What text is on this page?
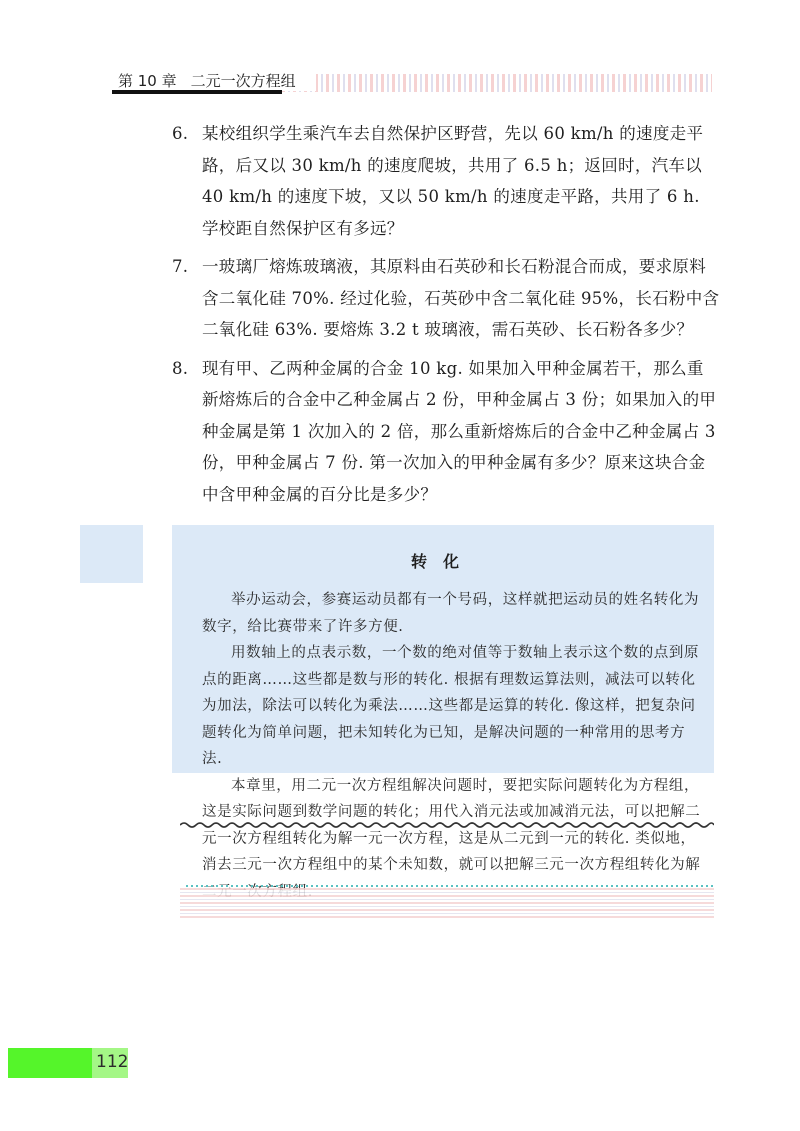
第 10 章 二元一次方程组
6. 某校组织学生乘汽车去自然保护区野营，先以 60 km/h 的速度走平路，后又以 30 km/h 的速度爬坡，共用了 6.5 h；返回时，汽车以 40 km/h 的速度下坡，又以 50 km/h 的速度走平路，共用了 6 h. 学校距自然保护区有多远？
7. 一玻璃厂熔炼玻璃液，其原料由石英砂和长石粉混合而成，要求原料含二氧化硅 70%. 经过化验，石英砂中含二氧化硅 95%，长石粉中含二氧化硅 63%. 要熔炼 3.2 t 玻璃液，需石英砂、长石粉各多少？
8. 现有甲、乙两种金属的合金 10 kg. 如果加入甲种金属若干，那么重新熔炼后的合金中乙种金属占 2 份，甲种金属占 3 份；如果加入的甲种金属是第 1 次加入的 2 倍，那么重新熔炼后的合金中乙种金属占 3 份，甲种金属占 7 份. 第一次加入的甲种金属有多少？原来这块合金中含甲种金属的百分比是多少？
转化

举办运动会，参赛运动员都有一个号码，这样就把运动员的姓名转化为数字，给比赛带来了许多方便.

用数轴上的点表示数，一个数的绝对值等于数轴上表示这个数的点到原点的距离……这些都是数与形的转化. 根据有理数运算法则，减法可以转化为加法，除法可以转化为乘法……这些都是运算的转化. 像这样，把复杂问题转化为简单问题，把未知转化为已知，是解决问题的一种常用的思考方法.

本章里，用二元一次方程组解决问题时，要把实际问题转化为方程组，这是实际问题到数学问题的转化；用代入消元法或加减消元法，可以把解二元一次方程组转化为解一元一次方程，这是从二元到一元的转化. 类似地，消去三元一次方程组中的某个未知数，就可以把解三元一次方程组转化为解

112
